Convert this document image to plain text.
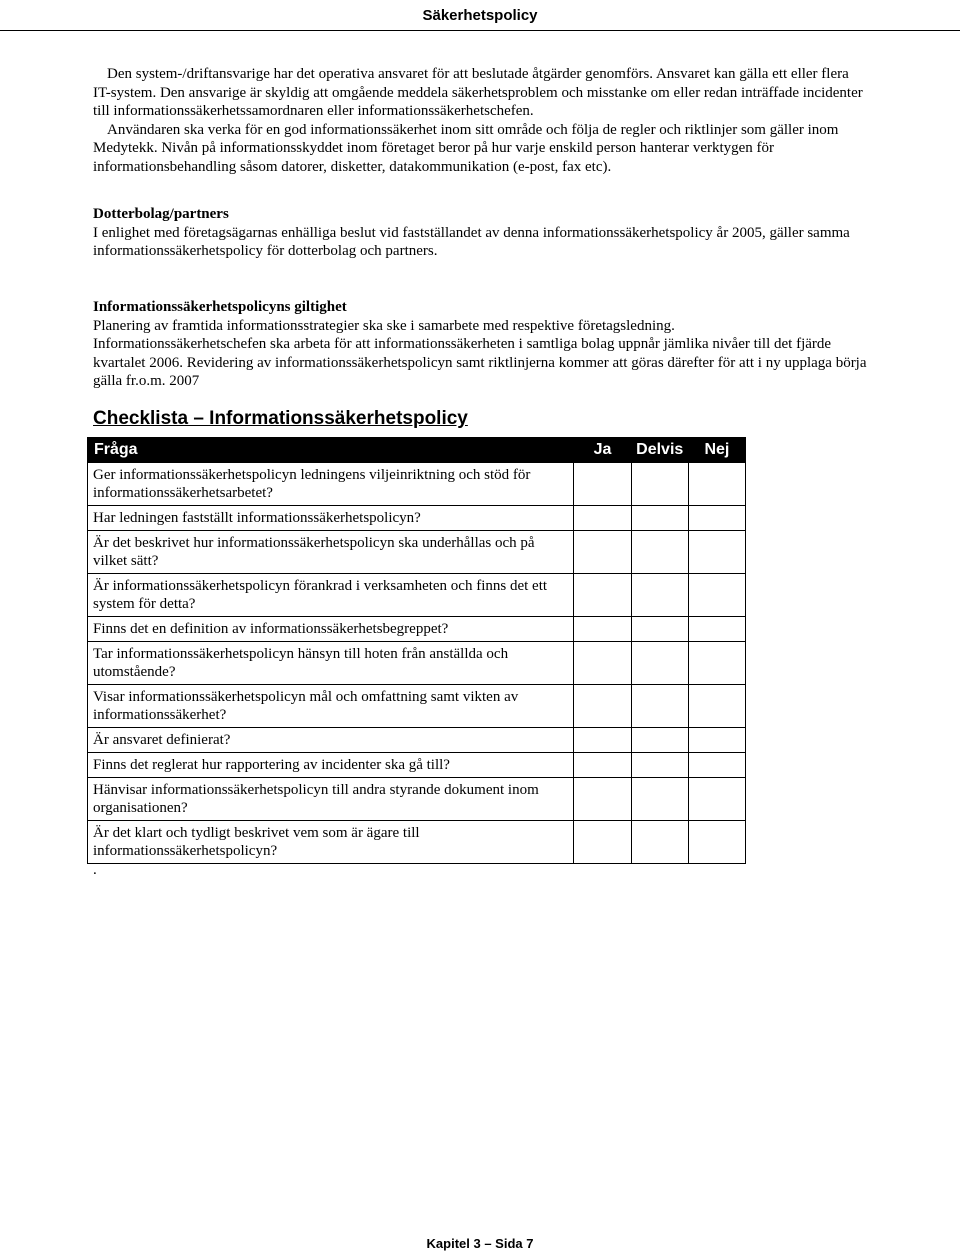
Säkerhetspolicy

Den system-/driftansvarige har det operativa ansvaret för att beslutade åtgärder genomförs. Ansvaret kan gälla ett eller flera IT-system. Den ansvarige är skyldig att omgående meddela säkerhetsproblem och misstanke om eller redan inträffade incidenter till informationssäkerhetssamordnaren eller informationssäkerhetschefen.

Användaren ska verka för en god informationssäkerhet inom sitt område och följa de regler och riktlinjer som gäller inom Medytekk. Nivån på informationsskyddet inom företaget beror på hur varje enskild person hanterar verktygen för informationsbehandling såsom datorer, disketter, datakommunikation (e-post, fax etc).

Dotterbolag/partners

I enlighet med företagsägarnas enhälliga beslut vid fastställandet av denna informationssäkerhetspolicy år 2005, gäller samma informationssäkerhetspolicy för dotterbolag och partners.

Informationssäkerhetspolicyns giltighet

Planering av framtida informationsstrategier ska ske i samarbete med respektive företagsledning.

Informationssäkerhetschefen ska arbeta för att informationssäkerheten i samtliga bolag uppnår jämlika nivåer till det fjärde kvartalet 2006. Revidering av informationssäkerhetspolicyn samt riktlinjerna kommer att göras därefter för att i ny upplaga börja gälla fr.o.m. 2007

Checklista – Informationssäkerhetspolicy
Fråga	Ja	Delvis	Nej
Ger informationssäkerhetspolicyn ledningens viljeinriktning och stöd för informationssäkerhetsarbetet?			
Har ledningen fastställt informationssäkerhetspolicyn?			
Är det beskrivet hur informationssäkerhetspolicyn ska underhållas och på vilket sätt?			
Är informationssäkerhetspolicyn förankrad i verksamheten och finns det ett system för detta?			
Finns det en definition av informationssäkerhetsbegreppet?			
Tar informationssäkerhetspolicyn hänsyn till hoten från anställda och utomstående?			
Visar informationssäkerhetspolicyn mål och omfattning samt vikten av informationssäkerhet?			
Är ansvaret definierat?			
Finns det reglerat hur rapportering av incidenter ska gå till?			
Hänvisar informationssäkerhetspolicyn till andra styrande dokument inom organisationen?			
Är det klart och tydligt beskrivet vem som är ägare till informationssäkerhetspolicyn?			
.
Kapitel 3 – Sida 7
